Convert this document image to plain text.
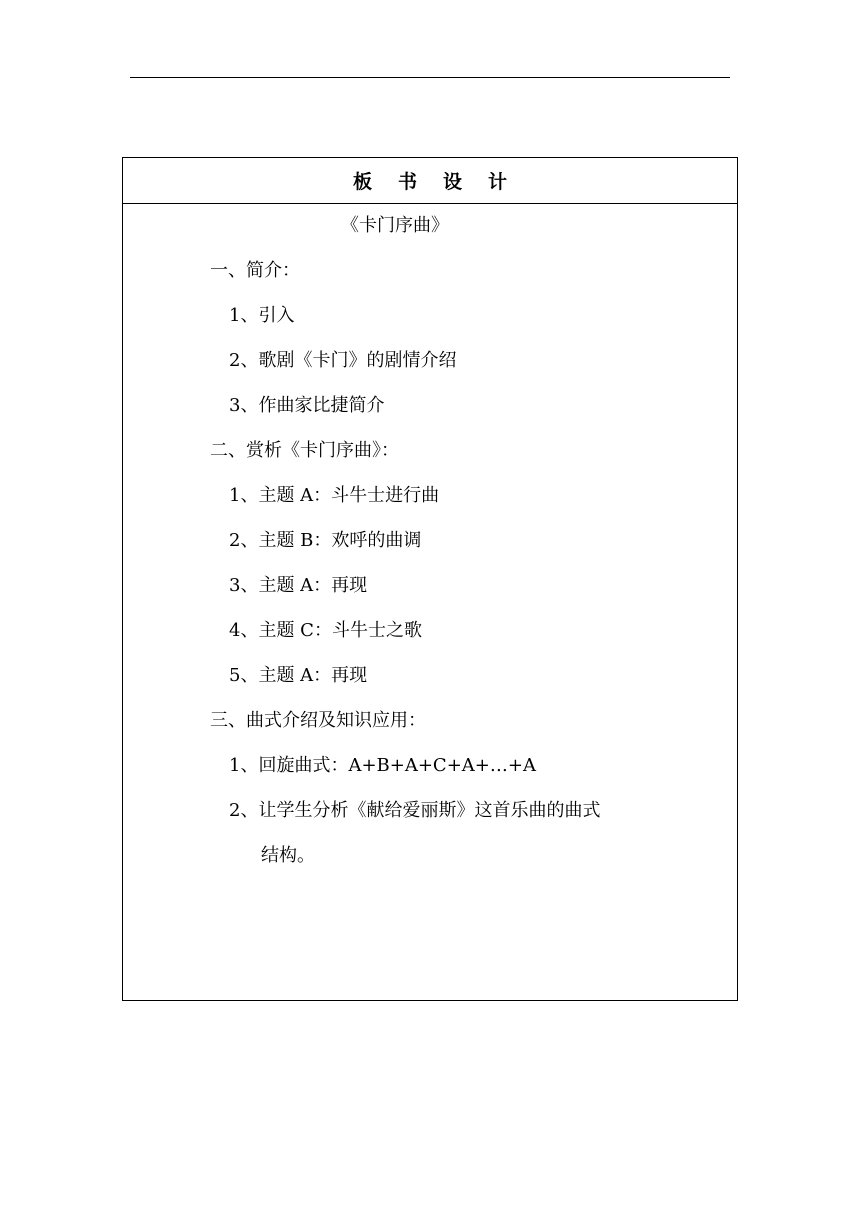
板书设计
《卡门序曲》
一、简介：
1、引入
2、歌剧《卡门》的剧情介绍
3、作曲家比捷简介
二、赏析《卡门序曲》：
1、主题 A：斗牛士进行曲
2、主题 B：欢呼的曲调
3、主题 A：再现
4、主题 C：斗牛士之歌
5、主题 A：再现
三、曲式介绍及知识应用：
1、回旋曲式：A+B+A+C+A+…+A
2、让学生分析《献给爱丽斯》这首乐曲的曲式
结构。
